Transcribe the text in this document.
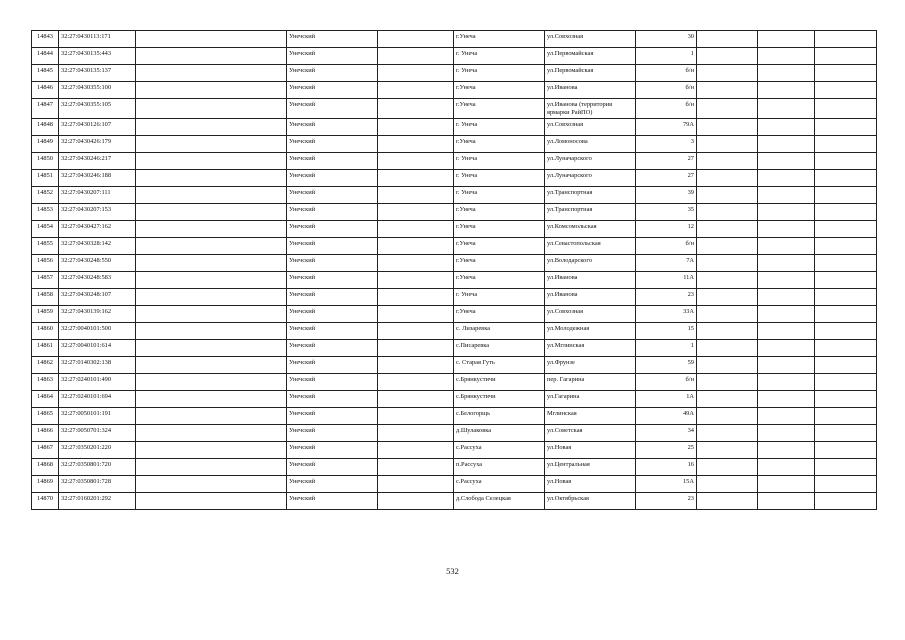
14843	32:27:0430113:171		Унечский		г.Унеча	ул.Совхозная	30			
14844	32:27:0430135:443		Унечский		г. Унеча	ул.Первомайская	1			
14845	32:27:0430135:137		Унечский		г. Унеча	ул.Первомайская	б/н			
14846	32:27:0430355:100		Унечский		г.Унеча	ул.Иванова	б/н			
14847	32:27:0430355:105		Унечский		г.Унеча	ул.Иванова (территория ярмарки РайПО)	б/н			
14848	32:27:0430126:107		Унечский		г. Унеча	ул.Совхозная	79А			
14849	32:27:0430426:179		Унечский		г.Унеча	ул.Ломоносова	3			
14850	32:27:0430246:217		Унечский		г. Унеча	ул.Луначарского	27			
14851	32:27:0430246:188		Унечский		г. Унеча	ул.Луначарского	27			
14852	32:27:0430207:111		Унечский		г. Унеча	ул.Транспортная	39			
14853	32:27:0430207:153		Унечский		г.Унеча	ул.Транспортная	35			
14854	32:27:0430427:162		Унечский		г.Унеча	ул.Комсомольская	12			
14855	32:27:0430328:142		Унечский		г.Унеча	ул.Севастопольская	б/н			
14856	32:27:0430248:550		Унечский		г.Унеча	ул.Володарского	7А			
14857	32:27:0430248:583		Унечский		г.Унеча	ул.Иванова	11А			
14858	32:27:0430248:107		Унечский		г. Унеча	ул.Иванова	23			
14859	32:27:0430139:162		Унечский		г.Унеча	ул.Совхозная	33А			
14860	32:27:0040101:500		Унечский		с. Лизаревка	ул.Молодежная	15			
14861	32:27:0040101:614		Унечский		с.Писаревка	ул.Мглинская	1			
14862	32:27:0140302:138		Унечский		с. Старая Гуть	ул.Фрунзе	59			
14863	32:27:0240101:490		Унечский		с.Брянкустичи	пер. Гагарина	б/н			
14864	32:27:0240101:694		Унечский		с.Брянкустичи	ул.Гагарина	1А			
14865	32:27:0050101:191		Унечский		с.Белогорщь	Мглинская	49А			
14866	32:27:0050701:324		Унечский		д.Шулаковка	ул.Советская	34			
14867	32:27:0350201:220		Унечский		с.Рассуха	ул.Новая	25			
14868	32:27:0350801:720		Унечский		п.Рассуха	ул.Центральная	16			
14869	32:27:0350801:728		Унечский		с.Рассуха	ул.Новая	15А			
14870	32:27:0160201:292		Унечский		д.Слобода Селецкая	ул.Октябрьская	23			
532
